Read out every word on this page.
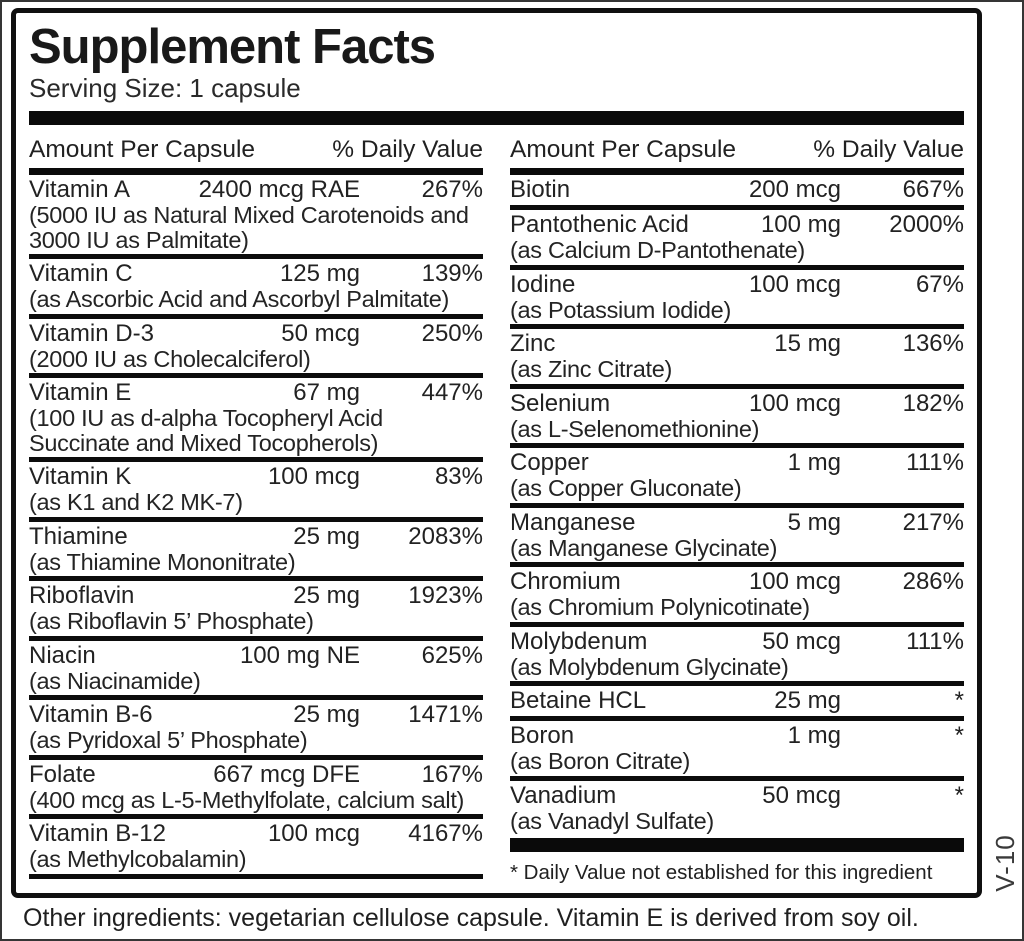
Supplement Facts
Serving Size: 1 capsule
Amount Per Capsule	% Daily Value
Vitamin A	2400 mcg RAE	267%
(5000 IU as Natural Mixed Carotenoids and 3000 IU as Palmitate)
Vitamin C	125 mg	139%
(as Ascorbic Acid and Ascorbyl Palmitate)
Vitamin D-3	50 mcg	250%
(2000 IU as Cholecalciferol)
Vitamin E	67 mg	447%
(100 IU as d-alpha Tocopheryl Acid Succinate and Mixed Tocopherols)
Vitamin K	100 mcg	83%
(as K1 and K2 MK-7)
Thiamine	25 mg	2083%
(as Thiamine Mononitrate)
Riboflavin	25 mg	1923%
(as Riboflavin 5’ Phosphate)
Niacin	100 mg NE	625%
(as Niacinamide)
Vitamin B-6	25 mg	1471%
(as Pyridoxal 5’ Phosphate)
Folate	667 mcg DFE	167%
(400 mcg as L-5-Methylfolate, calcium salt)
Vitamin B-12	100 mcg	4167%
(as Methylcobalamin)
Amount Per Capsule	% Daily Value
Biotin	200 mcg	667%
Pantothenic Acid	100 mg	2000%
(as Calcium D-Pantothenate)
Iodine	100 mcg	67%
(as Potassium Iodide)
Zinc	15 mg	136%
(as Zinc Citrate)
Selenium	100 mcg	182%
(as L-Selenomethionine)
Copper	1 mg	111%
(as Copper Gluconate)
Manganese	5 mg	217%
(as Manganese Glycinate)
Chromium	100 mcg	286%
(as Chromium Polynicotinate)
Molybdenum	50 mcg	111%
(as Molybdenum Glycinate)
Betaine HCL	25 mg	*
Boron	1 mg	*
(as Boron Citrate)
Vanadium	50 mcg	*
(as Vanadyl Sulfate)
* Daily Value not established for this ingredient
Other ingredients: vegetarian cellulose capsule. Vitamin E is derived from soy oil.
V-10
